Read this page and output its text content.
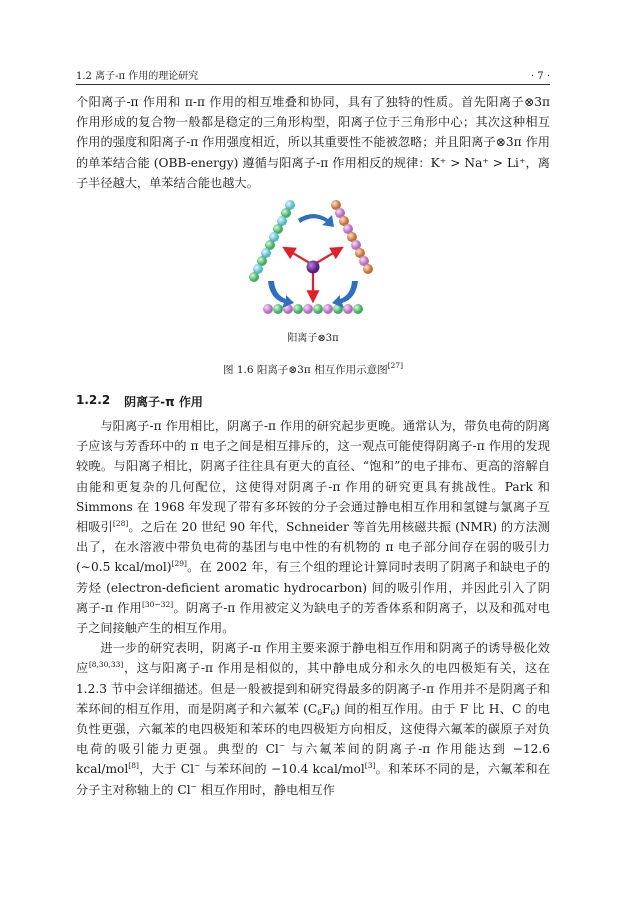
1.2 离子-π 作用的理论研究	· 7 ·

个阳离子-π 作用和 π-π 作用的相互堆叠和协同，具有了独特的性质。首先阳离子⊗3π 作用形成的复合物一般都是稳定的三角形构型，阳离子位于三角形中心；其次这种相互作用的强度和阳离子-π 作用强度相近，所以其重要性不能被忽略；并且阳离子⊗3π 作用的单苯结合能 (OBB-energy) 遵循与阳离子-π 作用相反的规律：K⁺ > Na⁺ > Li⁺，离子半径越大，单苯结合能也越大。

阳离子⊗3π
图 1.6 阳离子⊗3π 相互作用示意图[27]
1.2.2 阴离子-π 作用

与阳离子-π 作用相比，阴离子-π 作用的研究起步更晚。通常认为，带负电荷的阴离子应该与芳香环中的 π 电子之间是相互排斥的，这一观点可能使得阴离子-π 作用的发现较晚。与阳离子相比，阴离子往往具有更大的直径、“饱和”的电子排布、更高的溶解自由能和更复杂的几何配位，这使得对阴离子-π 作用的研究更具有挑战性。Park 和 Simmons 在 1968 年发现了带有多环铵的分子会通过静电相互作用和氢键与氯离子互相吸引[28]。之后在 20 世纪 90 年代，Schneider 等首先用核磁共振 (NMR) 的方法测出了，在水溶液中带负电荷的基团与电中性的有机物的 π 电子部分间存在弱的吸引力 (∼0.5 kcal/mol)[29]。在 2002 年，有三个组的理论计算同时表明了阴离子和缺电子的芳烃 (electron-deficient aromatic hydrocarbon) 间的吸引作用，并因此引入了阴离子-π 作用[30−32]。阴离子-π 作用被定义为缺电子的芳香体系和阴离子，以及和孤对电子之间接触产生的相互作用。

进一步的研究表明，阴离子-π 作用主要来源于静电相互作用和阴离子的诱导极化效应[8,30,33]，这与阳离子-π 作用是相似的，其中静电成分和永久的电四极矩有关，这在 1.2.3 节中会详细描述。但是一般被提到和研究得最多的阴离子-π 作用并不是阴离子和苯环间的相互作用，而是阴离子和六氟苯 $(C_6F_6)$ 间的相互作用。由于 F 比 H、C 的电负性更强，六氟苯的电四极矩和苯环的电四极矩方向相反，这使得六氟苯的碳原子对负电荷的吸引能力更强。典型的 Cl− 与六氟苯间的阴离子-π 作用能达到 −12.6 kcal/mol[8]，大于 Cl− 与苯环间的 −10.4 kcal/mol[3]。和苯环不同的是，六氟苯和在分子主对称轴上的 Cl− 相互作用时，静电相互作
